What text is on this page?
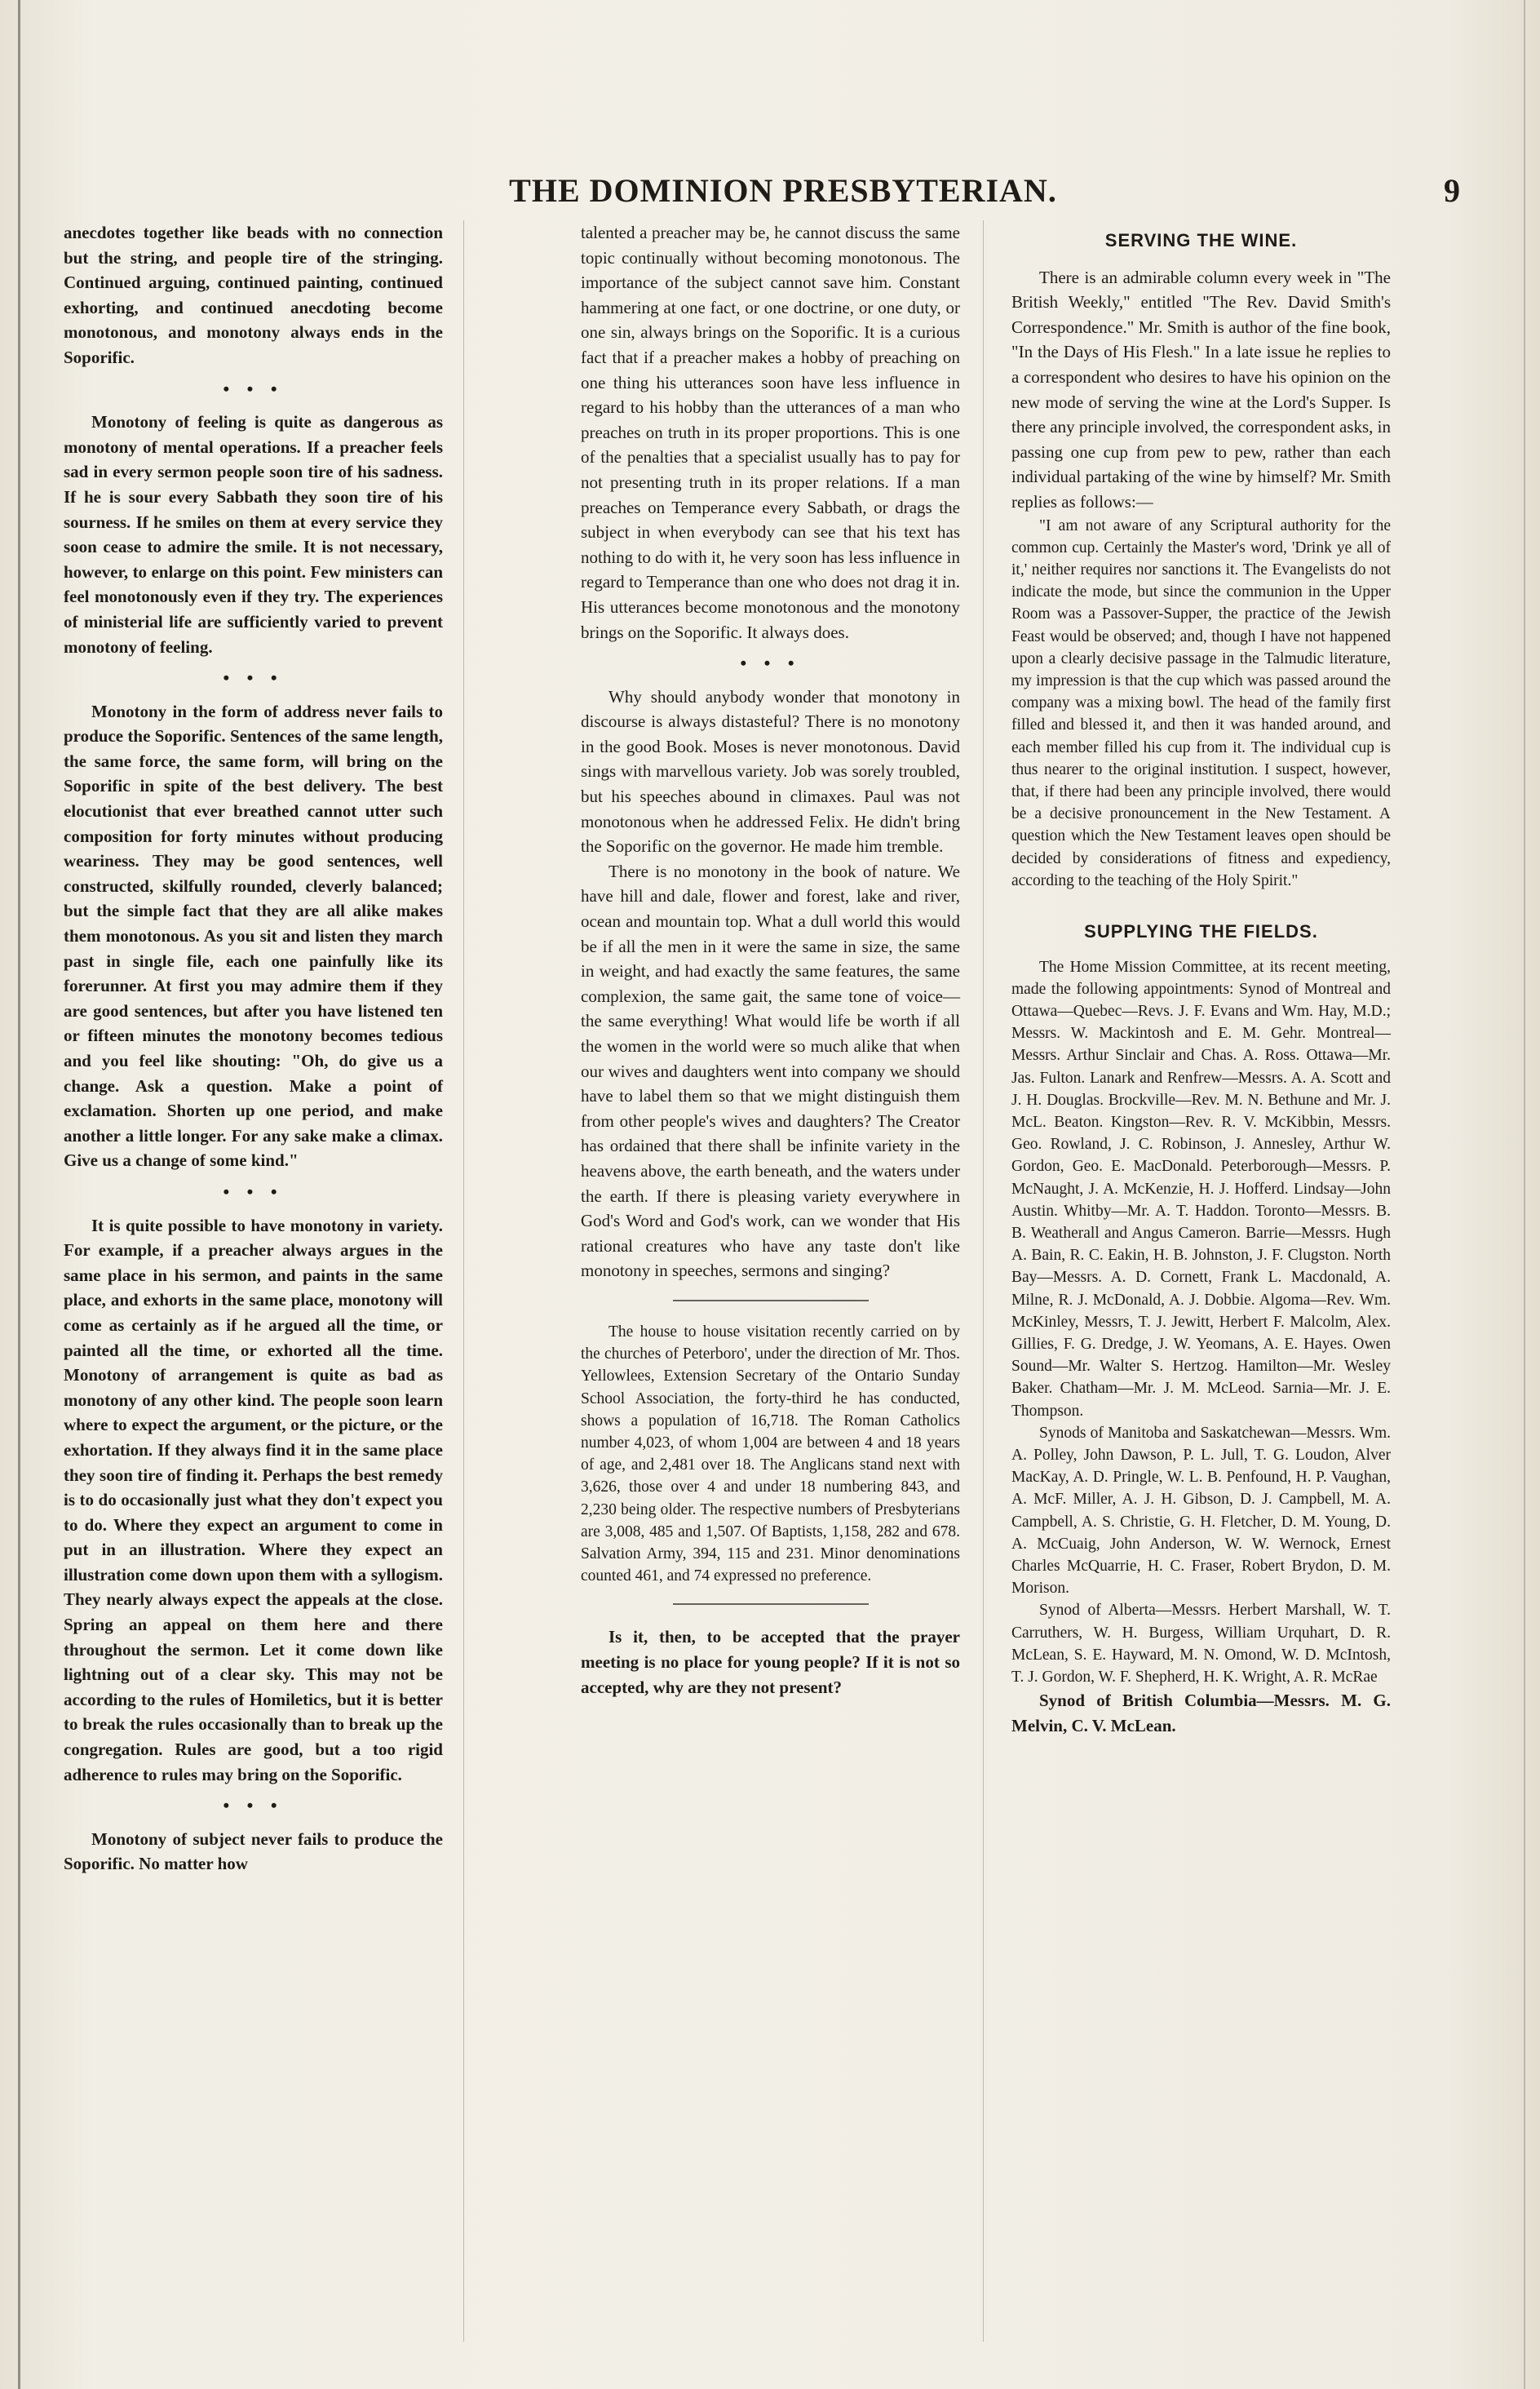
THE DOMINION PRESBYTERIAN.	9

anecdotes together like beads with no connection but the string, and people tire of the stringing. Continued arguing, continued painting, continued exhorting, and continued anecdoting become monotonous, and monotony always ends in the Soporific.

• • •

Monotony of feeling is quite as dangerous as monotony of mental operations. If a preacher feels sad in every sermon people soon tire of his sadness. If he is sour every Sabbath they soon tire of his sourness. If he smiles on them at every service they soon cease to admire the smile. It is not necessary, however, to enlarge on this point. Few ministers can feel monotonously even if they try. The experiences of ministerial life are sufficiently varied to prevent monotony of feeling.

• • •

Monotony in the form of address never fails to produce the Soporific. Sentences of the same length, the same force, the same form, will bring on the Soporific in spite of the best delivery. The best elocutionist that ever breathed cannot utter such composition for forty minutes without producing weariness. They may be good sentences, well constructed, skilfully rounded, cleverly balanced; but the simple fact that they are all alike makes them monotonous. As you sit and listen they march past in single file, each one painfully like its forerunner. At first you may admire them if they are good sentences, but after you have listened ten or fifteen minutes the monotony becomes tedious and you feel like shouting: "Oh, do give us a change. Ask a question. Make a point of exclamation. Shorten up one period, and make another a little longer. For any sake make a climax. Give us a change of some kind."

• • •

It is quite possible to have monotony in variety. For example, if a preacher always argues in the same place in his sermon, and paints in the same place, and exhorts in the same place, monotony will come as certainly as if he argued all the time, or painted all the time, or exhorted all the time. Monotony of arrangement is quite as bad as monotony of any other kind. The people soon learn where to expect the argument, or the picture, or the exhortation. If they always find it in the same place they soon tire of finding it. Perhaps the best remedy is to do occasionally just what they don't expect you to do. Where they expect an argument to come in put in an illustration. Where they expect an illustration come down upon them with a syllogism. They nearly always expect the appeals at the close. Spring an appeal on them here and there throughout the sermon. Let it come down like lightning out of a clear sky. This may not be according to the rules of Homiletics, but it is better to break the rules occasionally than to break up the congregation. Rules are good, but a too rigid adherence to rules may bring on the Soporific.

• • •

Monotony of subject never fails to produce the Soporific. No matter how

talented a preacher may be, he cannot discuss the same topic continually without becoming monotonous. The importance of the subject cannot save him. Constant hammering at one fact, or one doctrine, or one duty, or one sin, always brings on the Soporific. It is a curious fact that if a preacher makes a hobby of preaching on one thing his utterances soon have less influence in regard to his hobby than the utterances of a man who preaches on truth in its proper proportions. This is one of the penalties that a specialist usually has to pay for not presenting truth in its proper relations. If a man preaches on Temperance every Sabbath, or drags the subject in when everybody can see that his text has nothing to do with it, he very soon has less influence in regard to Temperance than one who does not drag it in. His utterances become monotonous and the monotony brings on the Soporific. It always does.

• • •

Why should anybody wonder that monotony in discourse is always distasteful? There is no monotony in the good Book. Moses is never monotonous. David sings with marvellous variety. Job was sorely troubled, but his speeches abound in climaxes. Paul was not monotonous when he addressed Felix. He didn't bring the Soporific on the governor. He made him tremble.

There is no monotony in the book of nature. We have hill and dale, flower and forest, lake and river, ocean and mountain top. What a dull world this would be if all the men in it were the same in size, the same in weight, and had exactly the same features, the same complexion, the same gait, the same tone of voice—the same everything! What would life be worth if all the women in the world were so much alike that when our wives and daughters went into company we should have to label them so that we might distinguish them from other people's wives and daughters? The Creator has ordained that there shall be infinite variety in the heavens above, the earth beneath, and the waters under the earth. If there is pleasing variety everywhere in God's Word and God's work, can we wonder that His rational creatures who have any taste don't like monotony in speeches, sermons and singing?

The house to house visitation recently carried on by the churches of Peterboro', under the direction of Mr. Thos. Yellowlees, Extension Secretary of the Ontario Sunday School Association, the forty-third he has conducted, shows a population of 16,718. The Roman Catholics number 4,023, of whom 1,004 are between 4 and 18 years of age, and 2,481 over 18. The Anglicans stand next with 3,626, those over 4 and under 18 numbering 843, and 2,230 being older. The respective numbers of Presbyterians are 3,008, 485 and 1,507. Of Baptists, 1,158, 282 and 678. Salvation Army, 394, 115 and 231. Minor denominations counted 461, and 74 expressed no preference.

Is it, then, to be accepted that the prayer meeting is no place for young people? If it is not so accepted, why are they not present?

SERVING THE WINE.

There is an admirable column every week in "The British Weekly," entitled "The Rev. David Smith's Correspondence." Mr. Smith is author of the fine book, "In the Days of His Flesh." In a late issue he replies to a correspondent who desires to have his opinion on the new mode of serving the wine at the Lord's Supper. Is there any principle involved, the correspondent asks, in passing one cup from pew to pew, rather than each individual partaking of the wine by himself? Mr. Smith replies as follows:—

"I am not aware of any Scriptural authority for the common cup. Certainly the Master's word, 'Drink ye all of it,' neither requires nor sanctions it. The Evangelists do not indicate the mode, but since the communion in the Upper Room was a Passover-Supper, the practice of the Jewish Feast would be observed; and, though I have not happened upon a clearly decisive passage in the Talmudic literature, my impression is that the cup which was passed around the company was a mixing bowl. The head of the family first filled and blessed it, and then it was handed around, and each member filled his cup from it. The individual cup is thus nearer to the original institution. I suspect, however, that, if there had been any principle involved, there would be a decisive pronouncement in the New Testament. A question which the New Testament leaves open should be decided by considerations of fitness and expediency, according to the teaching of the Holy Spirit."

SUPPLYING THE FIELDS.

The Home Mission Committee, at its recent meeting, made the following appointments: Synod of Montreal and Ottawa—Quebec—Revs. J. F. Evans and Wm. Hay, M.D.; Messrs. W. Mackintosh and E. M. Gehr. Montreal—Messrs. Arthur Sinclair and Chas. A. Ross. Ottawa—Mr. Jas. Fulton. Lanark and Renfrew—Messrs. A. A. Scott and J. H. Douglas. Brockville—Rev. M. N. Bethune and Mr. J. McL. Beaton. Kingston—Rev. R. V. McKibbin, Messrs. Geo. Rowland, J. C. Robinson, J. Annesley, Arthur W. Gordon, Geo. E. MacDonald. Peterborough—Messrs. P. McNaught, J. A. McKenzie, H. J. Hofferd. Lindsay—John Austin. Whitby—Mr. A. T. Haddon. Toronto—Messrs. B. B. Weatherall and Angus Cameron. Barrie—Messrs. Hugh A. Bain, R. C. Eakin, H. B. Johnston, J. F. Clugston. North Bay—Messrs. A. D. Cornett, Frank L. Macdonald, A. Milne, R. J. McDonald, A. J. Dobbie. Algoma—Rev. Wm. McKinley, Messrs, T. J. Jewitt, Herbert F. Malcolm, Alex. Gillies, F. G. Dredge, J. W. Yeomans, A. E. Hayes. Owen Sound—Mr. Walter S. Hertzog. Hamilton—Mr. Wesley Baker. Chatham—Mr. J. M. McLeod. Sarnia—Mr. J. E. Thompson.

Synods of Manitoba and Saskatchewan—Messrs. Wm. A. Polley, John Dawson, P. L. Jull, T. G. Loudon, Alver MacKay, A. D. Pringle, W. L. B. Penfound, H. P. Vaughan, A. McF. Miller, A. J. H. Gibson, D. J. Campbell, M. A. Campbell, A. S. Christie, G. H. Fletcher, D. M. Young, D. A. McCuaig, John Anderson, W. W. Wernock, Ernest Charles McQuarrie, H. C. Fraser, Robert Brydon, D. M. Morison.

Synod of Alberta—Messrs. Herbert Marshall, W. T. Carruthers, W. H. Burgess, William Urquhart, D. R. McLean, S. E. Hayward, M. N. Omond, W. D. McIntosh, T. J. Gordon, W. F. Shepherd, H. K. Wright, A. R. McRae

Synod of British Columbia—Messrs. M. G. Melvin, C. V. McLean.
